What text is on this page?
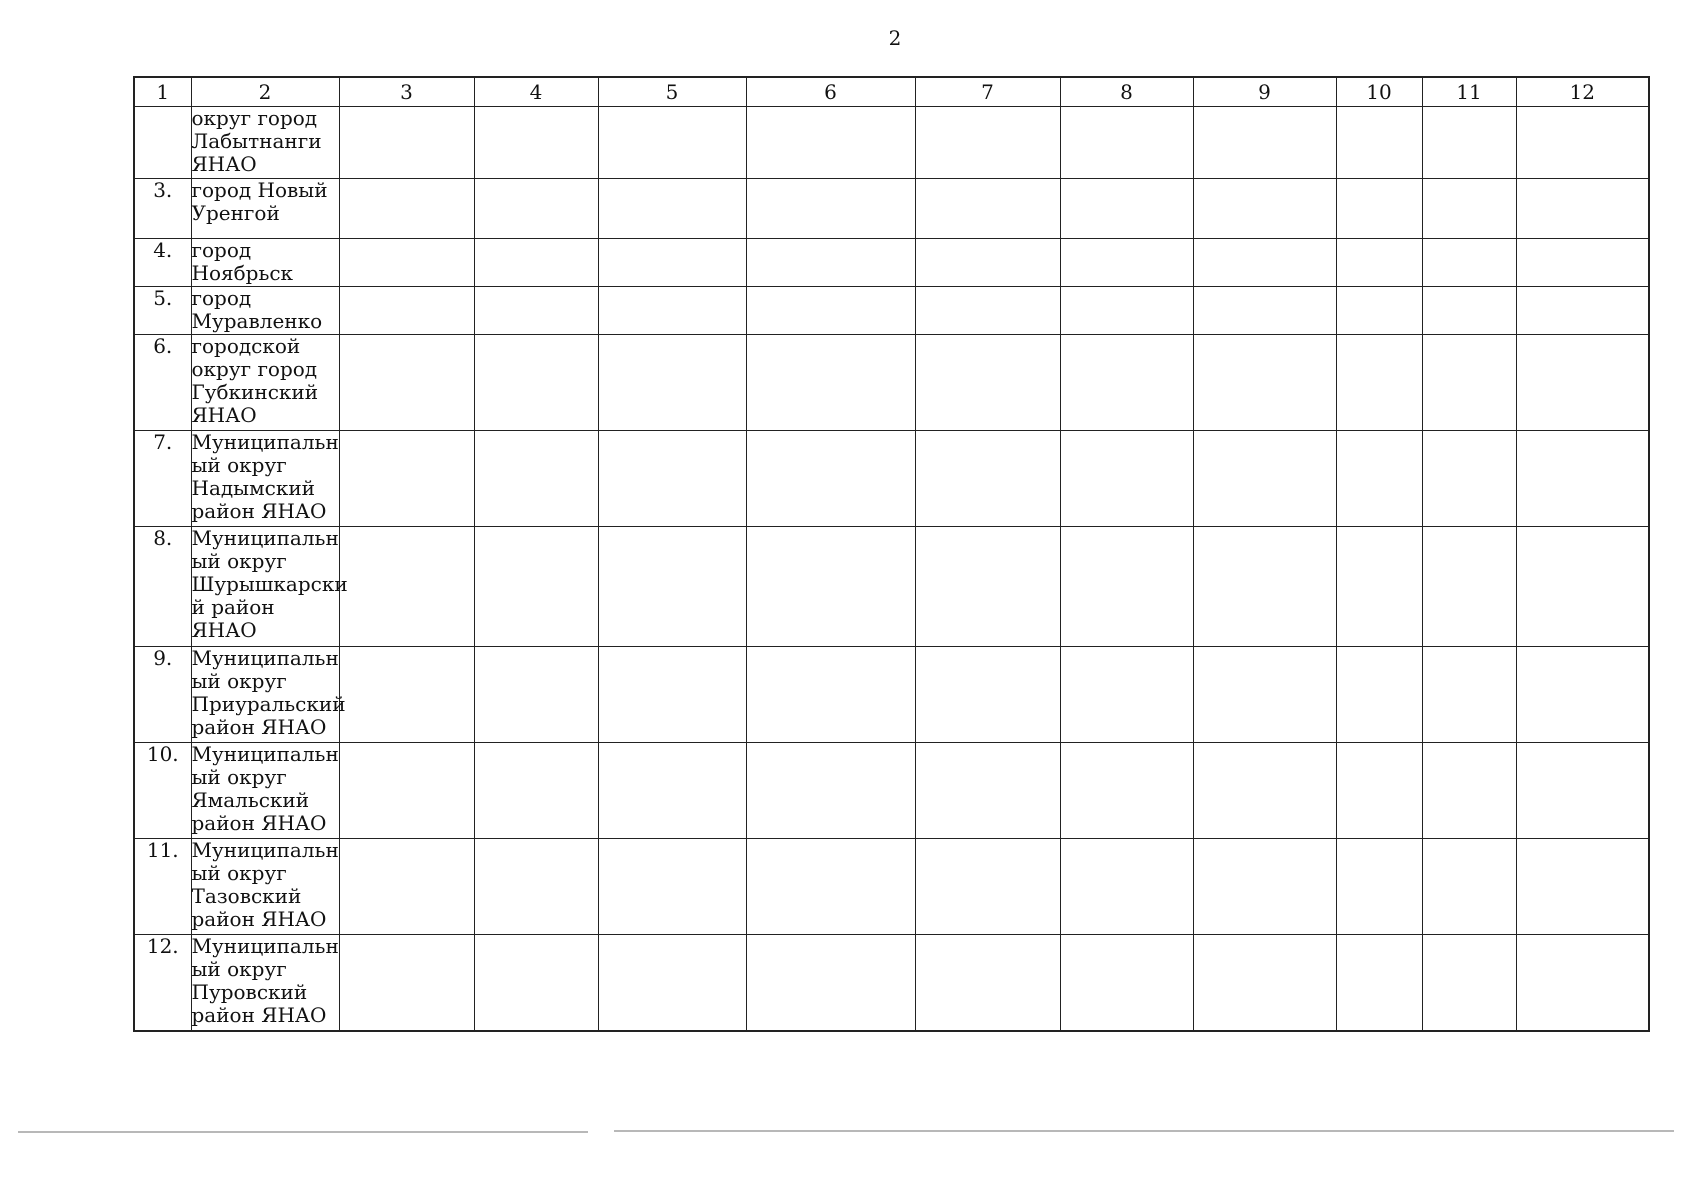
2
1	2	3	4	5	6	7	8	9	10	11	12
	округ город
Лабытнанги
ЯНАО										
3.	город Новый
Уренгой										
4.	город
Ноябрьск										
5.	город
Муравленко										
6.	городской
округ город
Губкинский
ЯНАО										
7.	Муниципальн
ый округ
Надымский
район ЯНАО										
8.	Муниципальн
ый округ
Шурышкарски
й район ЯНАО										
9.	Муниципальн
ый округ
Приуральский
район ЯНАО										
10.	Муниципальн
ый округ
Ямальский
район ЯНАО										
11.	Муниципальн
ый округ
Тазовский
район ЯНАО										
12.	Муниципальн
ый округ
Пуровский
район ЯНАО										
